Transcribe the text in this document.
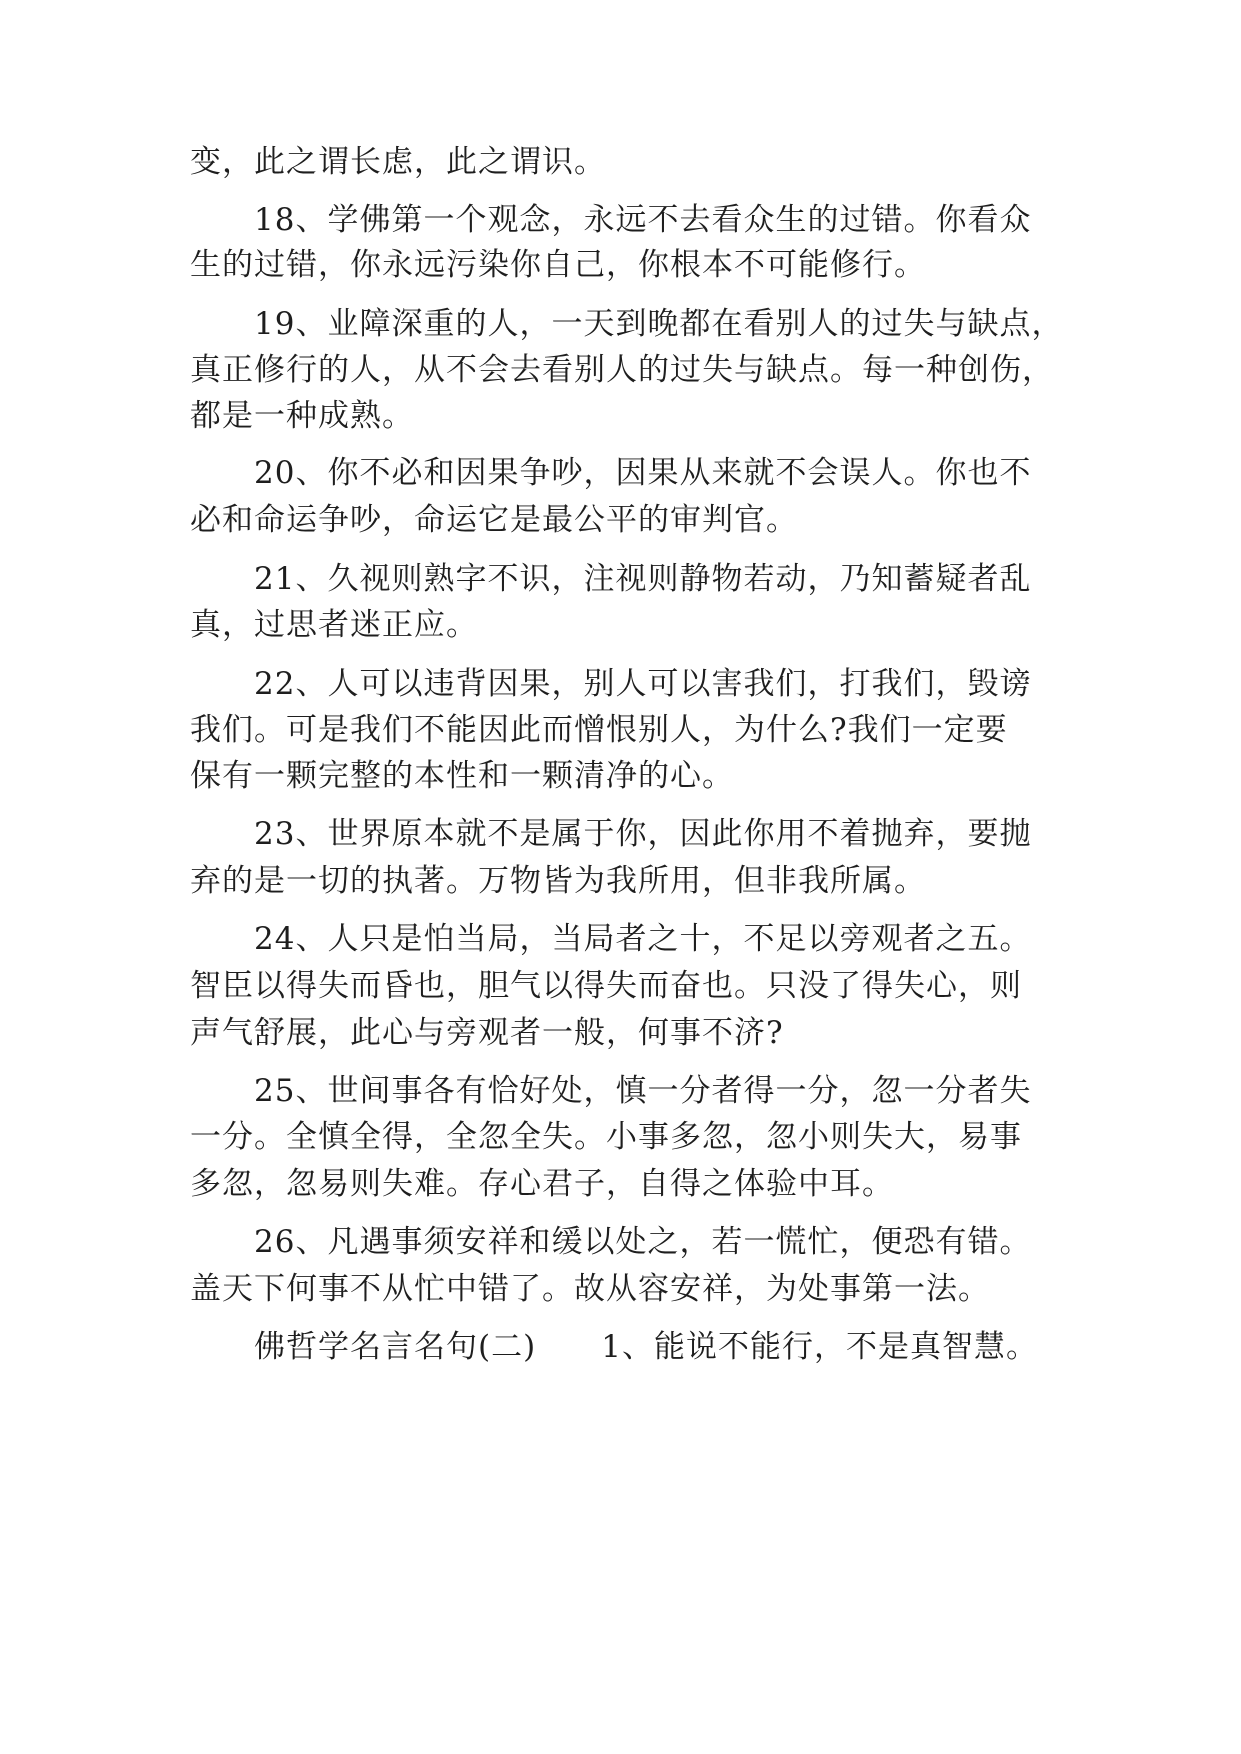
变，此之谓长虑，此之谓识。
18、学佛第一个观念，永远不去看众生的过错。你看众
生的过错，你永远污染你自己，你根本不可能修行。
19、业障深重的人，一天到晚都在看别人的过失与缺点，
真正修行的人，从不会去看别人的过失与缺点。每一种创伤，
都是一种成熟。
20、你不必和因果争吵，因果从来就不会误人。你也不
必和命运争吵，命运它是最公平的审判官。
21、久视则熟字不识，注视则静物若动，乃知蓄疑者乱
真，过思者迷正应。
22、人可以违背因果，别人可以害我们，打我们，毁谤
我们。可是我们不能因此而憎恨别人，为什么?我们一定要
保有一颗完整的本性和一颗清净的心。
23、世界原本就不是属于你，因此你用不着抛弃，要抛
弃的是一切的执著。万物皆为我所用，但非我所属。
24、人只是怕当局，当局者之十，不足以旁观者之五。
智臣以得失而昏也，胆气以得失而奋也。只没了得失心，则
声气舒展，此心与旁观者一般，何事不济?
25、世间事各有恰好处，慎一分者得一分，忽一分者失
一分。全慎全得，全忽全失。小事多忽，忽小则失大，易事
多忽，忽易则失难。存心君子，自得之体验中耳。
26、凡遇事须安祥和缓以处之，若一慌忙，便恐有错。
盖天下何事不从忙中错了。故从容安祥，为处事第一法。
佛哲学名言名句(二)      1、能说不能行，不是真智慧。
